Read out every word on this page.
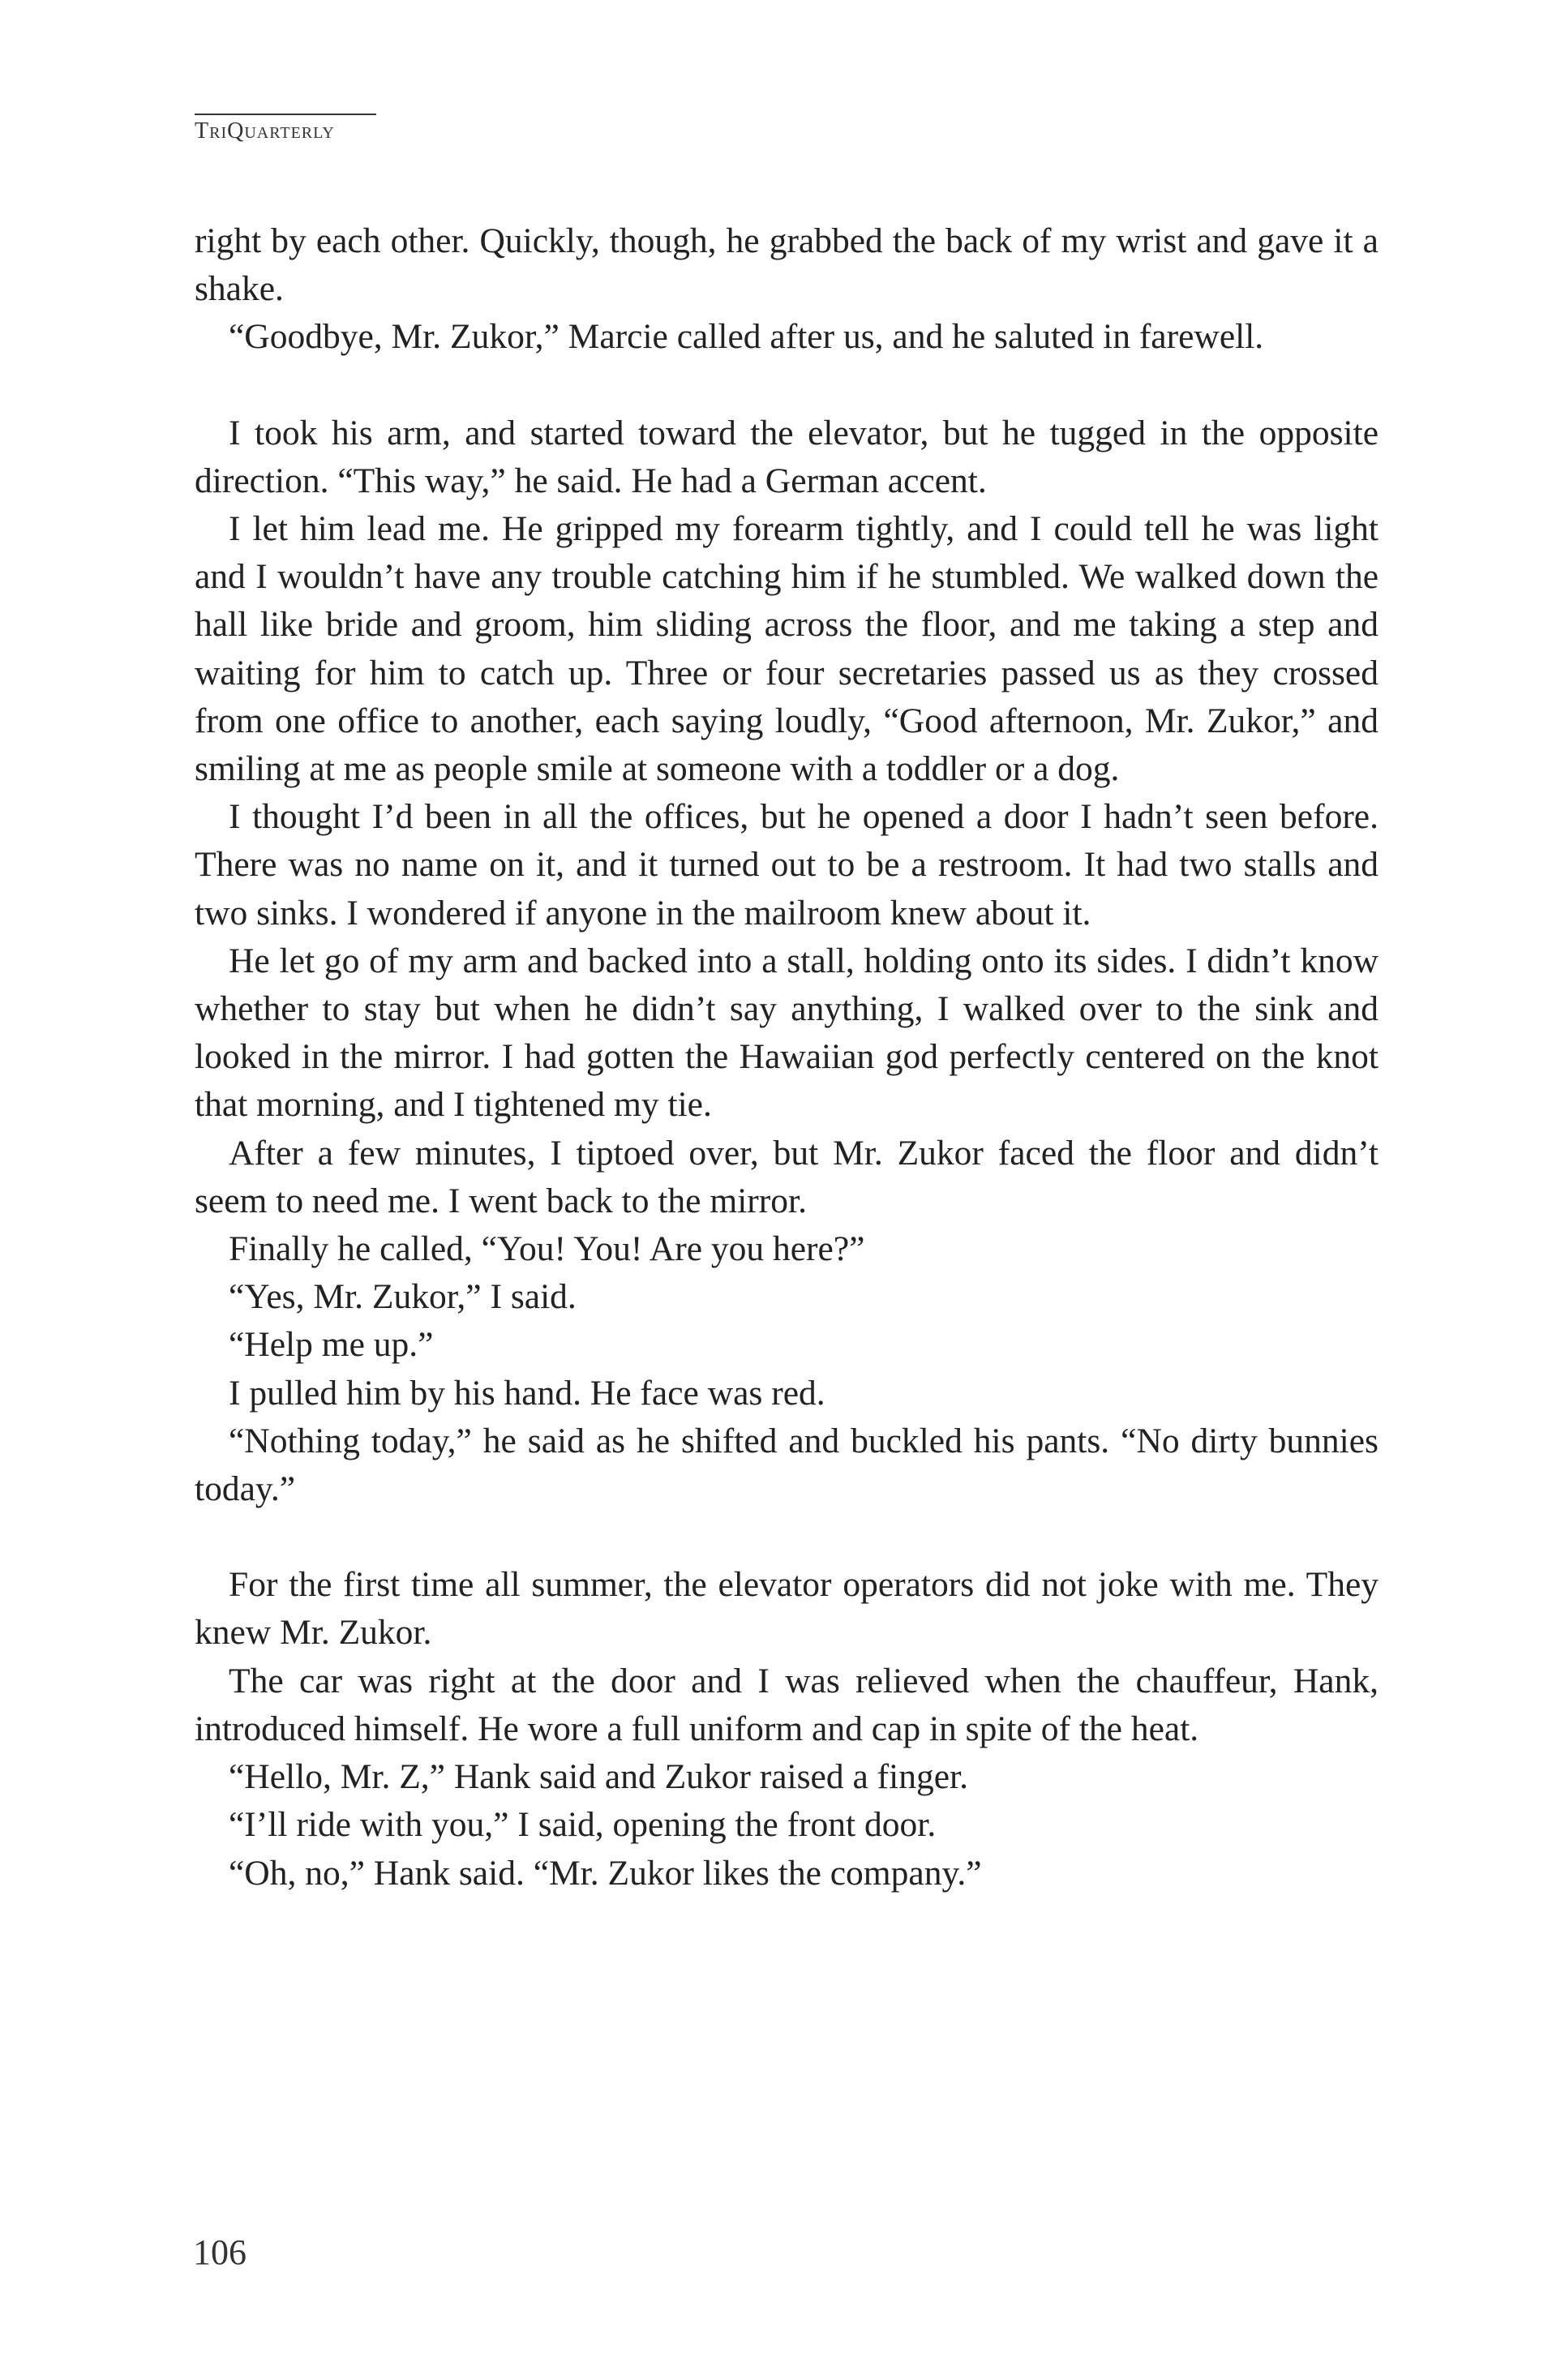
TriQuarterly

right by each other. Quickly, though, he grabbed the back of my wrist and gave it a shake.

“Goodbye, Mr. Zukor,” Marcie called after us, and he saluted in farewell.

I took his arm, and started toward the elevator, but he tugged in the opposite direction. “This way,” he said. He had a German accent.

I let him lead me. He gripped my forearm tightly, and I could tell he was light and I wouldn’t have any trouble catching him if he stumbled. We walked down the hall like bride and groom, him sliding across the floor, and me taking a step and waiting for him to catch up. Three or four secretaries passed us as they crossed from one office to another, each saying loudly, “Good afternoon, Mr. Zukor,” and smiling at me as people smile at someone with a toddler or a dog.

I thought I’d been in all the offices, but he opened a door I hadn’t seen before. There was no name on it, and it turned out to be a restroom. It had two stalls and two sinks. I wondered if anyone in the mailroom knew about it.

He let go of my arm and backed into a stall, holding onto its sides. I didn’t know whether to stay but when he didn’t say anything, I walked over to the sink and looked in the mirror. I had gotten the Hawaiian god perfectly centered on the knot that morning, and I tightened my tie.

After a few minutes, I tiptoed over, but Mr. Zukor faced the floor and didn’t seem to need me. I went back to the mirror.

Finally he called, “You! You! Are you here?”

“Yes, Mr. Zukor,” I said.

“Help me up.”

I pulled him by his hand. He face was red.

“Nothing today,” he said as he shifted and buckled his pants. “No dirty bunnies today.”

For the first time all summer, the elevator operators did not joke with me. They knew Mr. Zukor.

The car was right at the door and I was relieved when the chauffeur, Hank, introduced himself. He wore a full uniform and cap in spite of the heat.

“Hello, Mr. Z,” Hank said and Zukor raised a finger.

“I’ll ride with you,” I said, opening the front door.

“Oh, no,” Hank said. “Mr. Zukor likes the company.”

106
